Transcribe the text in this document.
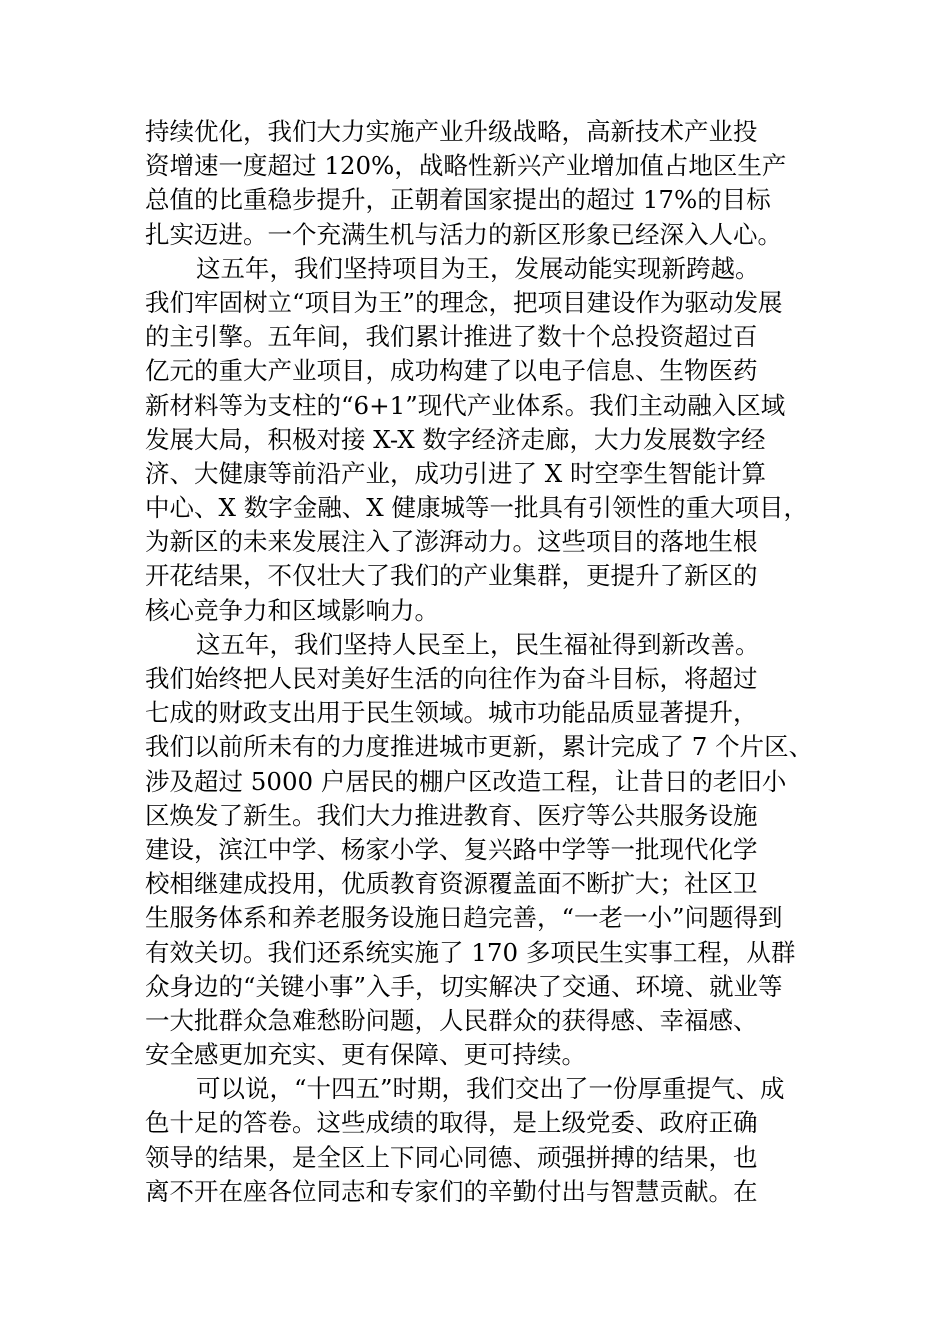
持续优化，我们大力实施产业升级战略，高新技术产业投
资增速一度超过 120%，战略性新兴产业增加值占地区生产
总值的比重稳步提升，正朝着国家提出的超过 17%的目标
扎实迈进。一个充满生机与活力的新区形象已经深入人心。
这五年，我们坚持项目为王，发展动能实现新跨越。
我们牢固树立“项目为王”的理念，把项目建设作为驱动发展
的主引擎。五年间，我们累计推进了数十个总投资超过百
亿元的重大产业项目，成功构建了以电子信息、生物医药
新材料等为支柱的“6+1”现代产业体系。我们主动融入区域
发展大局，积极对接 X-X 数字经济走廊，大力发展数字经
济、大健康等前沿产业，成功引进了 X 时空孪生智能计算
中心、X 数字金融、X 健康城等一批具有引领性的重大项目，
为新区的未来发展注入了澎湃动力。这些项目的落地生根
开花结果，不仅壮大了我们的产业集群，更提升了新区的
核心竞争力和区域影响力。
这五年，我们坚持人民至上，民生福祉得到新改善。
我们始终把人民对美好生活的向往作为奋斗目标，将超过
七成的财政支出用于民生领域。城市功能品质显著提升，
我们以前所未有的力度推进城市更新，累计完成了 7 个片区、
涉及超过 5000 户居民的棚户区改造工程，让昔日的老旧小
区焕发了新生。我们大力推进教育、医疗等公共服务设施
建设，滨江中学、杨家小学、复兴路中学等一批现代化学
校相继建成投用，优质教育资源覆盖面不断扩大；社区卫
生服务体系和养老服务设施日趋完善，“一老一小”问题得到
有效关切。我们还系统实施了 170 多项民生实事工程，从群
众身边的“关键小事”入手，切实解决了交通、环境、就业等
一大批群众急难愁盼问题，人民群众的获得感、幸福感、
安全感更加充实、更有保障、更可持续。
可以说，“十四五”时期，我们交出了一份厚重提气、成
色十足的答卷。这些成绩的取得，是上级党委、政府正确
领导的结果，是全区上下同心同德、顽强拼搏的结果，也
离不开在座各位同志和专家们的辛勤付出与智慧贡献。在
